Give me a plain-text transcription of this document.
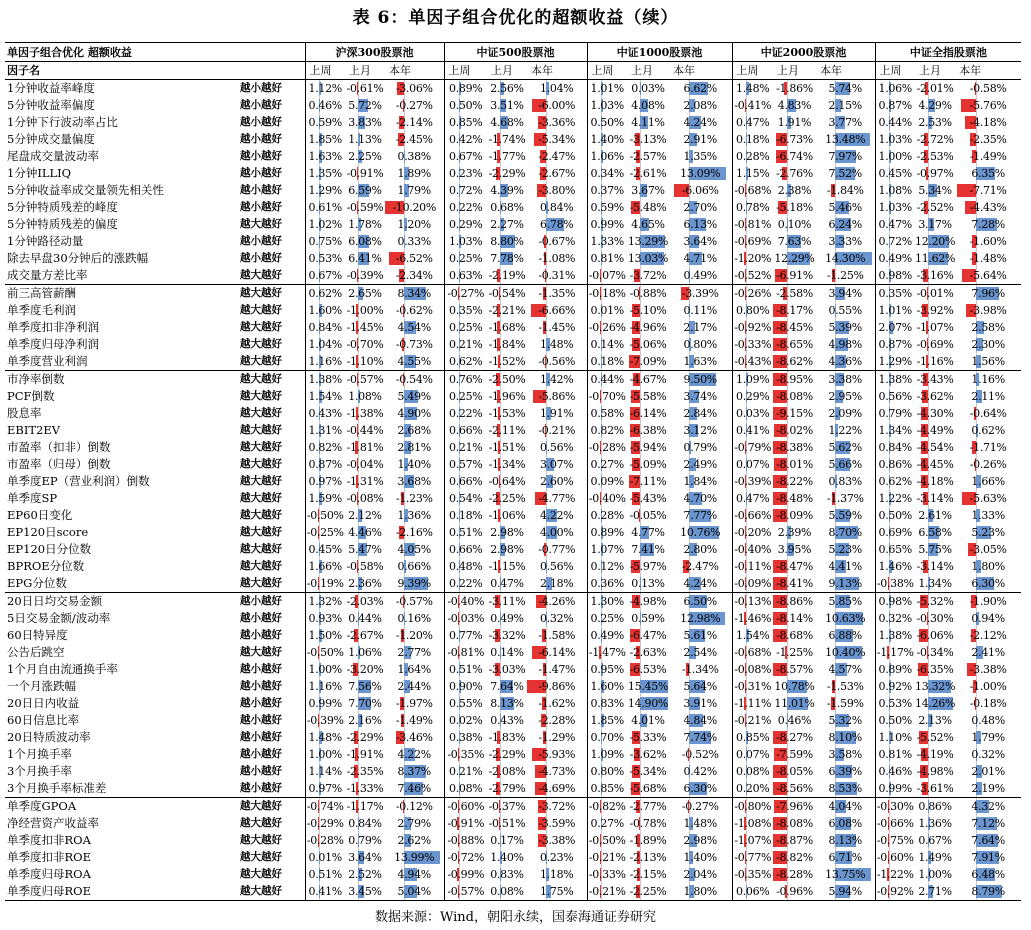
表 6：单因子组合优化的超额收益（续）
单因子组合优化 超额收益		沪深300股票池			中证500股票池			中证1000股票池			中证2000股票池			中证全指股票池		
因子名		上周	上月	本年	上周	上月	本年	上周	上月	本年	上周	上月	本年	上周	上月	本年
1分钟收益率峰度	越小越好	1.12%	-0.61%	-3.06%	0.89%	2.56%	1.04%	1.01%	0.03%	6.62%	1.48%	-1.86%	5.74%	1.06%	-2.01%	-0.58%
5分钟收益率偏度	越小越好	0.46%	5.72%	-0.27%	0.50%	3.51%	-6.00%	1.03%	4.08%	2.08%	-0.41%	4.83%	2.15%	0.87%	4.29%	-5.76%
1分钟下行波动率占比	越小越好	0.59%	3.83%	-2.14%	0.85%	4.68%	-3.36%	0.50%	4.11%	4.24%	0.47%	1.91%	3.77%	0.44%	2.53%	-4.18%
5分钟成交量偏度	越小越好	1.85%	1.13%	-2.45%	0.42%	-1.74%	-5.34%	1.40%	-3.13%	2.91%	0.18%	-6.73%	13.48%	1.03%	-2.72%	-2.35%
尾盘成交量波动率	越小越好	1.63%	2.25%	0.38%	0.67%	-1.77%	-2.47%	1.06%	-2.57%	1.35%	0.28%	-6.74%	7.97%	1.00%	-2.53%	-1.49%
1分钟ILLIQ	越小越好	1.35%	-0.91%	1.89%	0.23%	-2.29%	-2.67%	0.34%	-2.61%	13.09%	1.15%	-2.76%	7.52%	0.45%	-0.97%	6.35%
5分钟收益率成交量领先相关性	越小越好	1.29%	6.59%	1.79%	0.72%	4.39%	-3.80%	0.37%	3.67%	-6.06%	-0.68%	2.38%	-1.84%	1.08%	5.34%	-7.71%
5分钟特质残差的峰度	越小越好	0.61%	-0.59%	-10.20%	0.22%	0.68%	0.84%	0.59%	-5.48%	2.70%	0.78%	-5.18%	5.46%	1.03%	-2.52%	-4.43%
5分钟特质残差的偏度	越大越好	1.02%	1.78%	1.20%	0.29%	2.27%	6.78%	0.99%	4.65%	6.13%	-0.81%	0.10%	6.24%	0.47%	3.17%	7.28%
1分钟路径动量	越小越好	0.75%	6.08%	0.33%	1.03%	8.80%	-0.67%	1.33%	13.29%	3.64%	-0.69%	7.63%	3.33%	0.72%	12.20%	-1.60%
除去早盘30分钟后的涨跌幅	越小越好	0.53%	6.41%	-6.52%	0.25%	7.78%	-1.08%	0.81%	13.03%	4.71%	-1.20%	12.29%	14.30%	0.49%	11.62%	-1.48%
成交量方差比率	越大越好	0.67%	-0.39%	-2.34%	0.63%	-2.19%	-0.31%	-0.07%	-3.72%	0.49%	-0.52%	-6.91%	-1.25%	0.98%	-3.16%	-5.64%
前三高管薪酬	越大越好	0.62%	2.65%	8.34%	-0.27%	-0.54%	-1.35%	-0.18%	-0.88%	-3.39%	-0.26%	-2.58%	3.94%	0.35%	-0.01%	7.96%
单季度毛利润	越大越好	1.60%	-1.00%	-0.62%	0.35%	-2.21%	-6.66%	0.01%	-5.10%	0.11%	0.80%	-8.17%	0.55%	1.01%	-3.92%	-3.98%
单季度扣非净利润	越大越好	0.84%	-1.45%	4.54%	0.25%	-1.68%	-1.45%	-0.26%	-4.96%	2.17%	-0.92%	-8.45%	5.39%	2.07%	-1.07%	2.58%
单季度归母净利润	越大越好	1.04%	-0.70%	-0.73%	0.21%	-1.84%	1.48%	0.14%	-5.06%	0.80%	-0.33%	-8.65%	4.98%	0.87%	-0.69%	2.30%
单季度营业利润	越大越好	1.16%	-1.10%	4.55%	0.62%	-1.52%	-0.56%	0.18%	-7.09%	1.63%	-0.43%	-8.62%	4.36%	1.29%	-1.16%	1.56%
市净率倒数	越大越好	1.38%	-0.57%	-0.54%	0.76%	-2.50%	1.42%	0.44%	-4.67%	9.50%	1.09%	-8.95%	3.38%	1.38%	-3.43%	1.16%
PCF倒数	越大越好	1.54%	1.08%	5.49%	0.25%	-1.96%	-5.86%	-0.70%	-5.58%	3.74%	0.29%	-8.08%	2.95%	0.56%	-3.62%	2.11%
股息率	越大越好	0.43%	-1.38%	4.90%	0.22%	-1.53%	1.91%	0.58%	-6.14%	2.84%	0.03%	-9.15%	2.09%	0.79%	-4.30%	-0.64%
EBIT2EV	越大越好	1.31%	-0.44%	2.68%	0.66%	-2.11%	-0.21%	0.82%	-6.38%	3.12%	0.41%	-8.02%	1.22%	1.34%	-4.49%	0.62%
市盈率（扣非）倒数	越大越好	0.82%	-1.81%	2.81%	0.21%	-1.51%	0.56%	-0.28%	-5.94%	0.79%	-0.79%	-8.38%	5.62%	0.84%	-4.54%	-1.71%
市盈率（归母）倒数	越大越好	0.87%	-0.04%	1.40%	0.57%	-1.34%	3.07%	0.27%	-5.09%	2.49%	0.07%	-8.01%	5.66%	0.86%	-4.45%	-0.26%
单季度EP（营业利润）倒数	越大越好	0.97%	-1.31%	3.68%	0.66%	-0.64%	2.60%	0.09%	-7.11%	1.84%	-0.39%	-8.22%	0.83%	0.62%	-4.18%	1.66%
单季度SP	越大越好	1.59%	-0.08%	-1.23%	0.54%	-2.25%	-4.77%	-0.40%	-5.43%	4.70%	0.47%	-8.48%	-1.37%	1.22%	-3.14%	-5.63%
EP60日变化	越大越好	-0.50%	2.12%	1.36%	0.18%	-1.06%	4.22%	0.28%	-0.05%	7.77%	-0.66%	-8.09%	5.59%	0.50%	2.61%	1.33%
EP120日score	越大越好	-0.25%	4.46%	-2.16%	0.51%	2.98%	4.00%	0.89%	4.77%	10.76%	-0.20%	2.39%	8.70%	0.69%	6.58%	5.23%
EP120日分位数	越大越好	0.45%	5.47%	4.05%	0.66%	2.98%	-0.77%	1.07%	7.41%	2.80%	-0.40%	3.95%	5.23%	0.65%	5.75%	-3.05%
BPROE分位数	越大越好	1.66%	-0.58%	0.66%	0.48%	-1.15%	0.56%	0.12%	-5.97%	-2.47%	-0.11%	-8.47%	4.41%	1.46%	-3.14%	1.80%
EPG分位数	越大越好	-0.19%	2.36%	9.39%	0.22%	0.47%	2.18%	0.36%	0.13%	4.24%	-0.09%	-8.41%	9.13%	-0.38%	1.34%	6.30%
20日日均交易金额	越小越好	1.32%	-2.03%	-0.57%	-0.40%	-3.11%	-4.26%	1.30%	-4.98%	6.50%	-0.13%	-8.86%	5.85%	0.98%	-5.32%	-1.90%
5日交易金额/波动率	越小越好	0.93%	0.44%	0.16%	-0.03%	0.49%	0.32%	0.25%	0.59%	12.98%	-1.46%	-8.14%	10.63%	0.32%	-0.30%	0.94%
60日特异度	越小越好	1.50%	-2.67%	-1.20%	0.77%	-3.32%	-1.58%	0.49%	-6.47%	5.61%	1.54%	-8.68%	6.88%	1.38%	-6.06%	-2.12%
公告后跳空	越大越好	-0.50%	1.06%	2.77%	-0.81%	0.14%	-6.14%	-1.47%	-2.63%	2.54%	-0.68%	-1.25%	10.40%	-1.17%	-0.34%	2.41%
1个月自由流通换手率	越小越好	1.00%	-3.20%	1.64%	0.51%	-3.03%	-1.47%	0.95%	-6.53%	-1.34%	-0.08%	-8.57%	4.57%	0.89%	-6.35%	-3.38%
一个月涨跌幅	越小越好	1.16%	7.56%	2.44%	0.90%	7.64%	-9.86%	1.60%	15.45%	5.64%	-0.31%	10.78%	-1.53%	0.92%	13.32%	-1.00%
20日日内收益	越小越好	0.99%	7.70%	-1.97%	0.55%	8.13%	-1.62%	0.83%	14.90%	3.91%	-1.11%	11.01%	-1.59%	0.53%	14.26%	-0.18%
60日信息比率	越小越好	-0.39%	2.16%	-1.49%	0.02%	0.43%	-2.28%	1.85%	4.01%	4.84%	-0.21%	0.46%	5.32%	0.50%	2.13%	0.48%
20日特质波动率	越小越好	1.48%	-2.29%	-3.46%	0.38%	-1.83%	-1.29%	0.70%	-5.33%	7.74%	0.85%	-8.27%	8.10%	1.10%	-5.52%	1.79%
1个月换手率	越小越好	1.00%	-1.91%	4.22%	-0.35%	-2.29%	-5.93%	1.09%	-3.62%	-0.52%	0.07%	-7.59%	3.58%	0.81%	-4.19%	0.32%
3个月换手率	越小越好	1.14%	-2.35%	8.37%	0.21%	-2.08%	-4.73%	0.80%	-5.34%	0.42%	0.08%	-8.05%	6.39%	0.46%	-4.98%	2.01%
3个月换手率标准差	越小越好	0.97%	-1.33%	7.46%	0.08%	-2.79%	-4.69%	0.85%	-5.68%	6.30%	0.20%	-8.56%	8.53%	0.99%	-3.61%	2.19%
单季度GPOA	越大越好	-0.74%	-1.17%	-0.12%	-0.60%	-0.37%	-3.72%	-0.82%	-2.77%	-0.27%	-0.80%	-7.96%	4.04%	-0.30%	0.86%	4.32%
净经营资产收益率	越大越好	-0.29%	0.84%	2.79%	-0.91%	-0.51%	-3.59%	0.27%	-0.78%	1.48%	-1.08%	-8.08%	6.08%	-0.66%	1.36%	7.12%
单季度扣非ROA	越大越好	-0.28%	0.79%	2.62%	-0.88%	0.17%	-3.38%	-0.50%	-1.89%	2.98%	-1.07%	-8.87%	8.13%	-0.75%	0.67%	7.64%
单季度扣非ROE	越大越好	0.01%	3.64%	13.99%	-0.72%	1.40%	0.23%	-0.21%	-2.13%	1.40%	-0.77%	-8.82%	6.71%	-0.60%	1.49%	7.91%
单季度归母ROA	越大越好	0.51%	2.52%	4.94%	-0.99%	0.83%	1.18%	-0.33%	-2.15%	2.04%	-0.35%	-8.28%	13.75%	-1.22%	1.00%	6.48%
单季度归母ROE	越大越好	0.41%	3.45%	5.04%	-0.57%	0.08%	1.75%	-0.21%	-2.25%	1.80%	0.06%	-0.96%	5.94%	-0.92%	2.71%	8.79%
数据来源：Wind，朝阳永续，国泰海通证券研究
